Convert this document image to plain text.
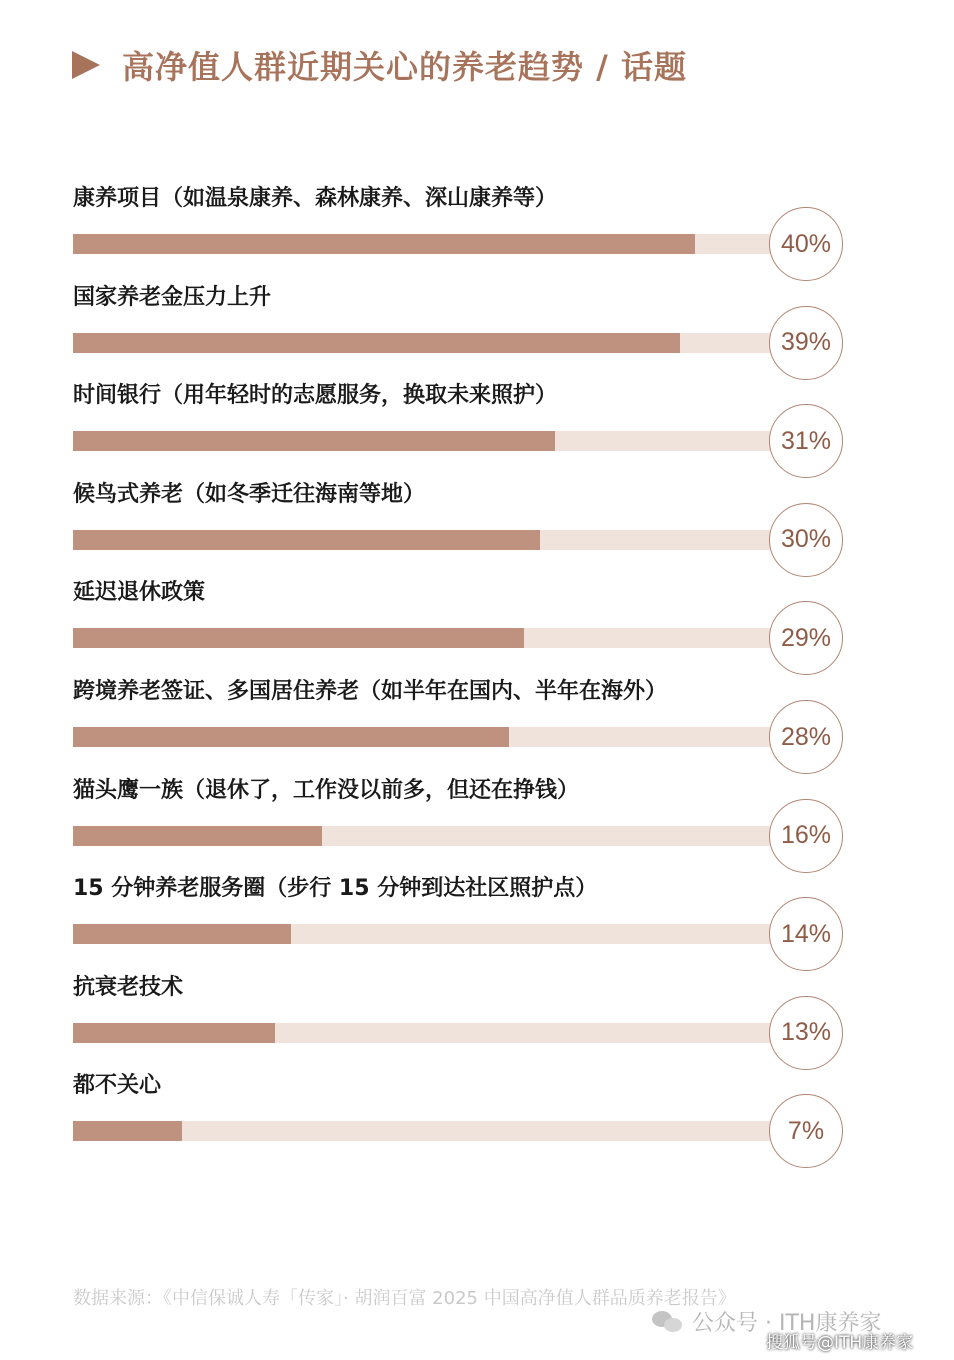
高净值人群近期关心的养老趋势 / 话题
康养项目（如温泉康养、森林康养、深山康养等）
40%
国家养老金压力上升
39%
时间银行（用年轻时的志愿服务，换取未来照护）
31%
候鸟式养老（如冬季迁往海南等地）
30%
延迟退休政策
29%
跨境养老签证、多国居住养老（如半年在国内、半年在海外）
28%
猫头鹰一族（退休了，工作没以前多，但还在挣钱）
16%
15 分钟养老服务圈（步行 15 分钟到达社区照护点）
14%
抗衰老技术
13%
都不关心
7%
数据来源：《中信保诚人寿「传家」· 胡润百富 2025 中国高净值人群品质养老报告》
公众号 · ITH康养家
搜狐号@ITH康养家
